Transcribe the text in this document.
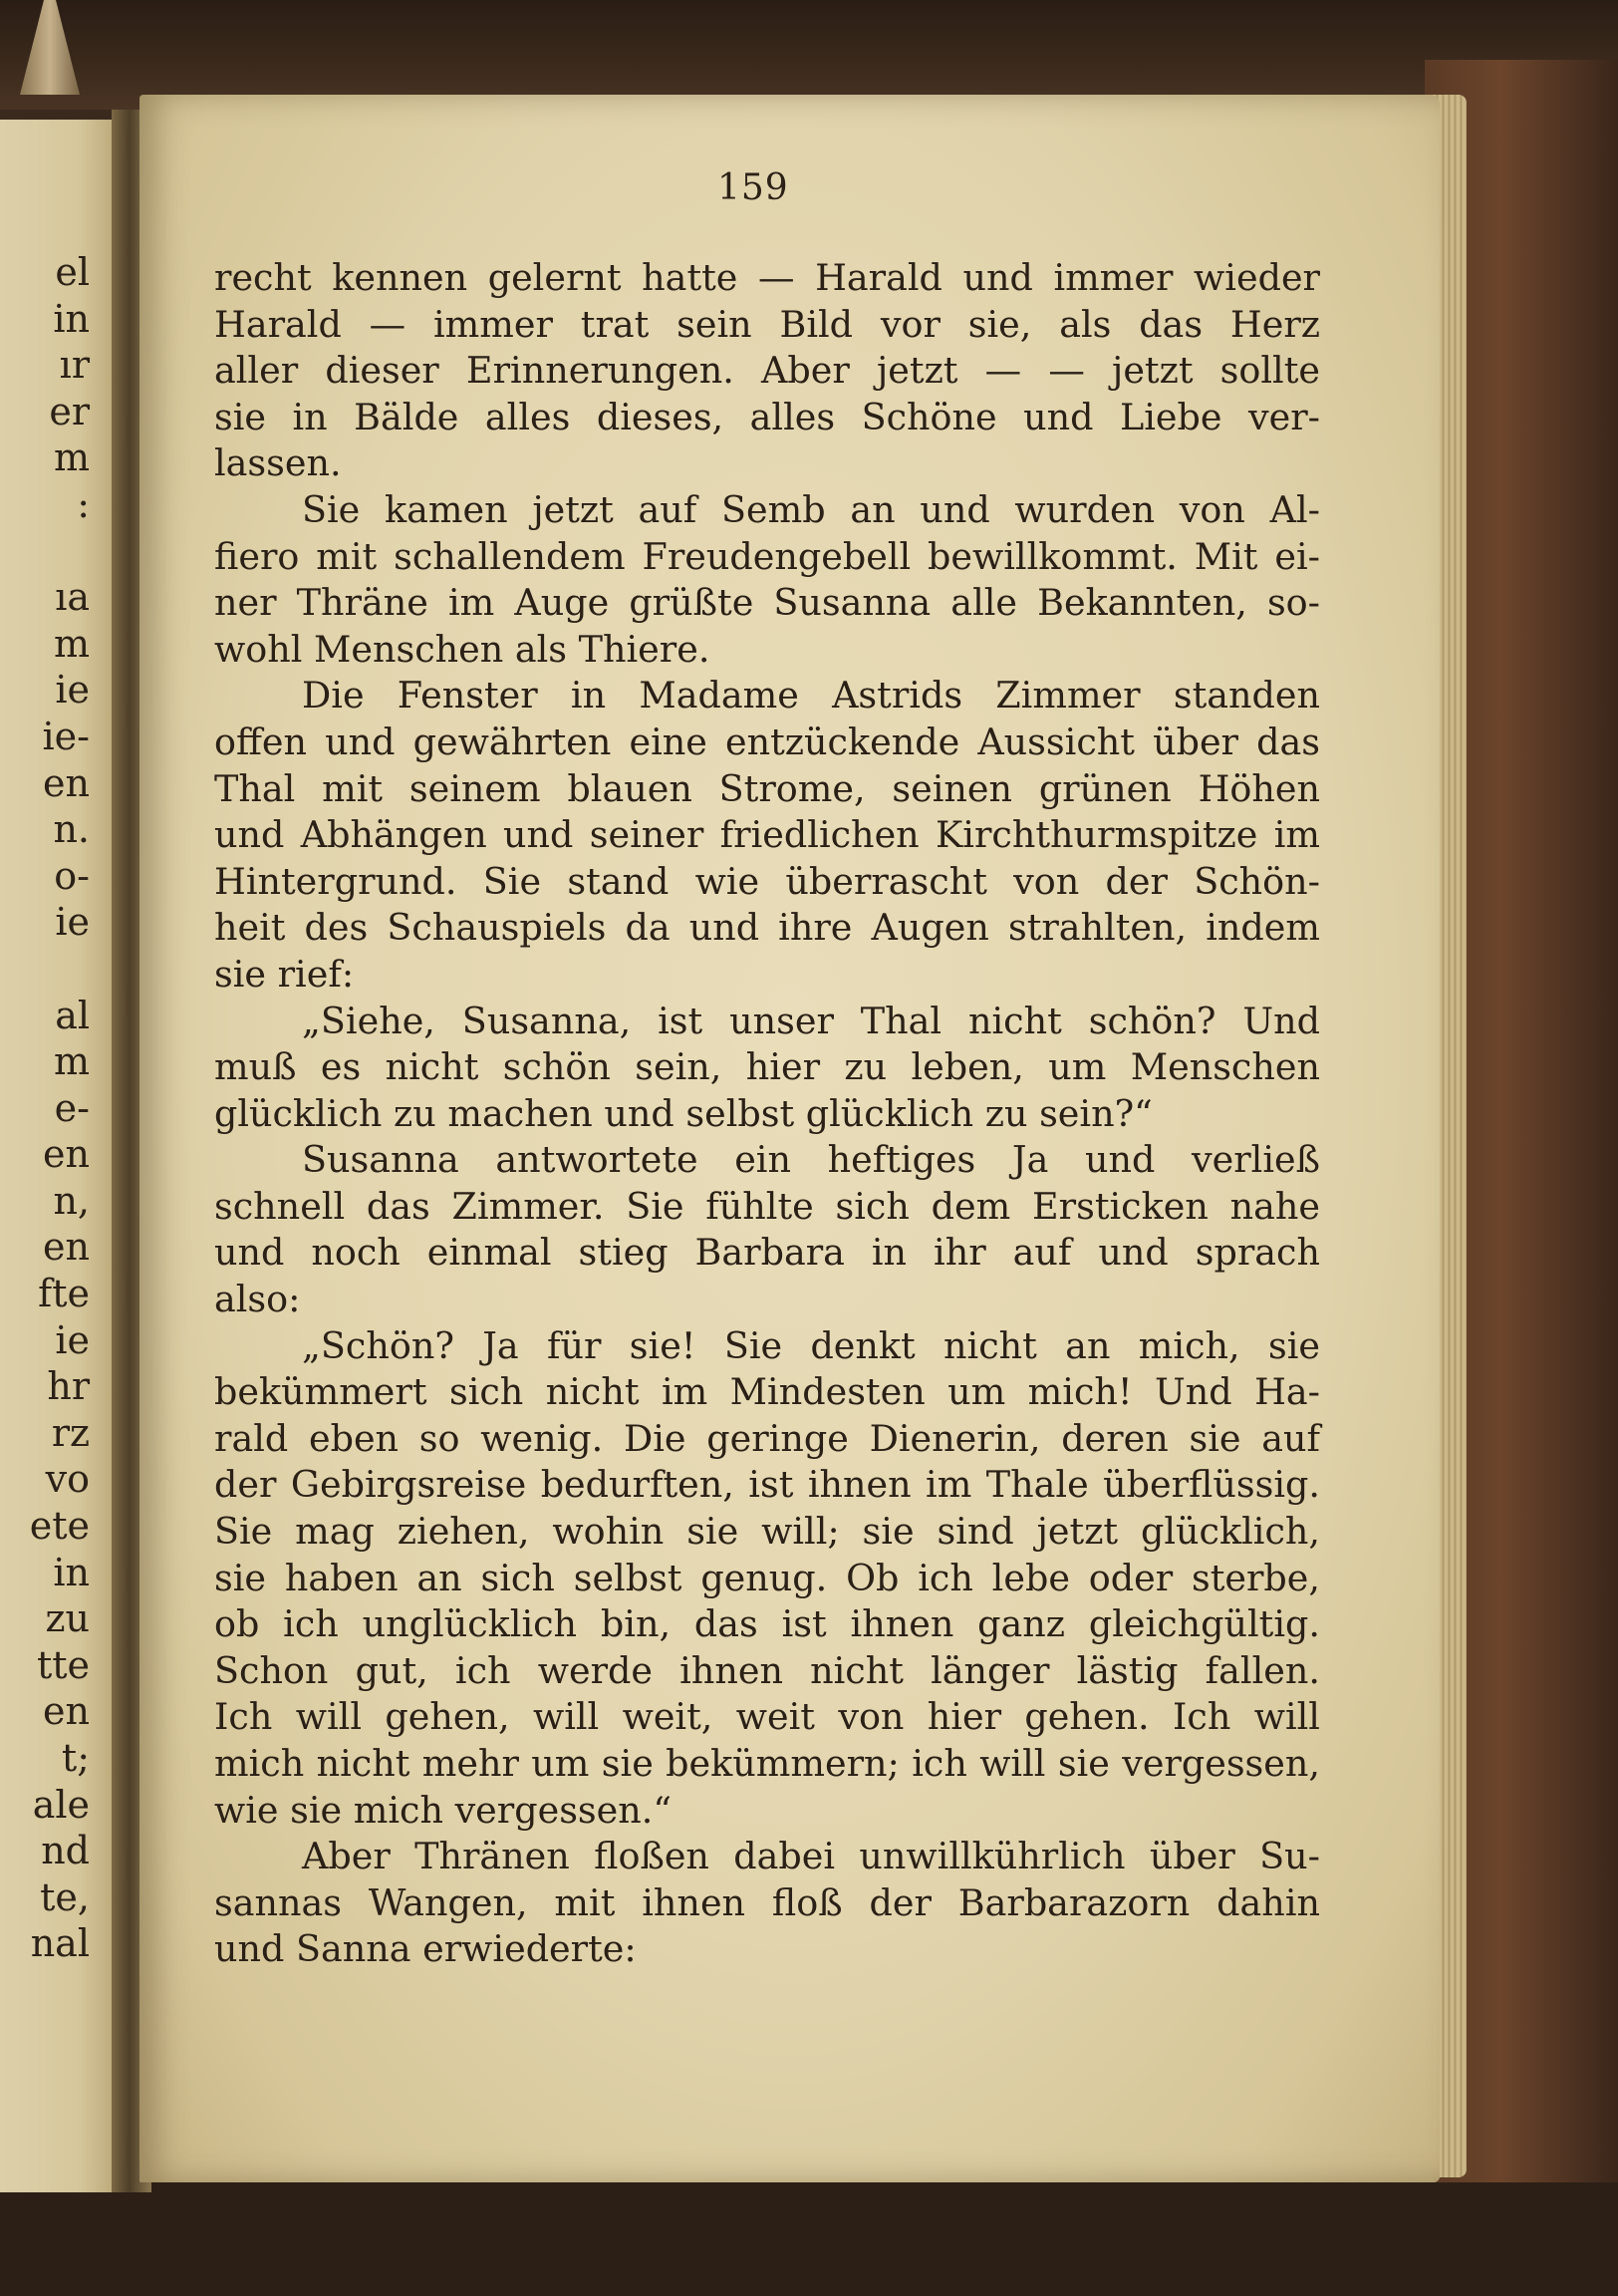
el
in
ır
er
m
:
ıa
m
ie
ie-
en
n.
o-
ie
al
m
e-
en
n,
en
fte
ie
hr
rz
vo
ete
in
zu
tte
en
t;
ale
nd
te,
nal
159
recht kennen gelernt hatte — Harald und immer wieder
Harald — immer trat sein Bild vor sie, als das Herz
aller dieser Erinnerungen. Aber jetzt — — jetzt sollte
sie in Bälde alles dieses, alles Schöne und Liebe ver-
lassen.
Sie kamen jetzt auf Semb an und wurden von Al-
fiero mit schallendem Freudengebell bewillkommt. Mit ei-
ner Thräne im Auge grüßte Susanna alle Bekannten, so-
wohl Menschen als Thiere.
Die Fenster in Madame Astrids Zimmer standen
offen und gewährten eine entzückende Aussicht über das
Thal mit seinem blauen Strome, seinen grünen Höhen
und Abhängen und seiner friedlichen Kirchthurmspitze im
Hintergrund. Sie stand wie überrascht von der Schön-
heit des Schauspiels da und ihre Augen strahlten, indem
sie rief:
„Siehe, Susanna, ist unser Thal nicht schön? Und
muß es nicht schön sein, hier zu leben, um Menschen
glücklich zu machen und selbst glücklich zu sein?“
Susanna antwortete ein heftiges Ja und verließ
schnell das Zimmer. Sie fühlte sich dem Ersticken nahe
und noch einmal stieg Barbara in ihr auf und sprach
also:
„Schön? Ja für sie! Sie denkt nicht an mich, sie
bekümmert sich nicht im Mindesten um mich! Und Ha-
rald eben so wenig. Die geringe Dienerin, deren sie auf
der Gebirgsreise bedurften, ist ihnen im Thale überflüssig.
Sie mag ziehen, wohin sie will; sie sind jetzt glücklich,
sie haben an sich selbst genug. Ob ich lebe oder sterbe,
ob ich unglücklich bin, das ist ihnen ganz gleichgültig.
Schon gut, ich werde ihnen nicht länger lästig fallen.
Ich will gehen, will weit, weit von hier gehen. Ich will
mich nicht mehr um sie bekümmern; ich will sie vergessen,
wie sie mich vergessen.“
Aber Thränen floßen dabei unwillkührlich über Su-
sannas Wangen, mit ihnen floß der Barbarazorn dahin
und Sanna erwiederte:
